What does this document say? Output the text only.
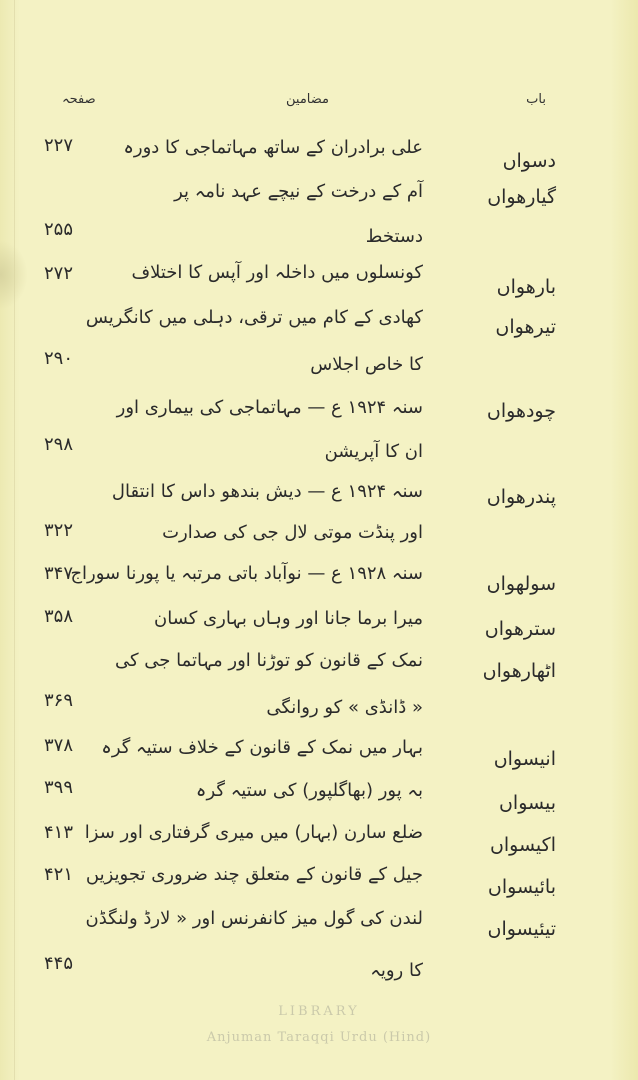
باب
مضامین
صفحہ
دسواں
علی برادران کے ساتھ مہاتماجی کا دورہ
۲۲۷
گیارھواں
آم کے درخت کے نیچے عہد نامہ پر
دستخط
۲۵۵
بارھواں
کونسلوں میں داخلہ اور آپس کا اختلاف
۲۷۲
تیرھواں
کھادی کے کام میں ترقی، دہلی میں کانگریس
کا خاص اجلاس
۲۹۰
چودھواں
سنہ ۱۹۲۴ ع — مہاتماجی کی بیماری اور
ان کا آپریشن
۲۹۸
پندرھواں
سنہ ۱۹۲۴ ع — دیش بندھو داس کا انتقال
اور پنڈت موتی لال جی کی صدارت
۳۲۲
سولھواں
سنہ ۱۹۲۸ ع — نوآباد باتی مرتبہ یا پورنا سوراج
۳۴۷
سترھواں
میرا برما جانا اور وہاں بہاری کسان
۳۵۸
اٹھارھواں
نمک کے قانون کو توڑنا اور مہاتما جی کی
« ڈانڈی » کو روانگی
۳۶۹
انیسواں
بہار میں نمک کے قانون کے خلاف ستیہ گرہ
۳۷۸
بیسواں
بہ پور (بھاگلپور) کی ستیہ گرہ
۳۹۹
اکیسواں
ضلع سارن (بہار) میں میری گرفتاری اور سزا
۴۱۳
بائیسواں
جیل کے قانون کے متعلق چند ضروری تجویزیں
۴۲۱
تیئیسواں
لندن کی گول میز کانفرنس اور « لارڈ ولنگڈن
کا رویہ
۴۴۵
LIBRARY
Anjuman Taraqqi Urdu (Hind)
